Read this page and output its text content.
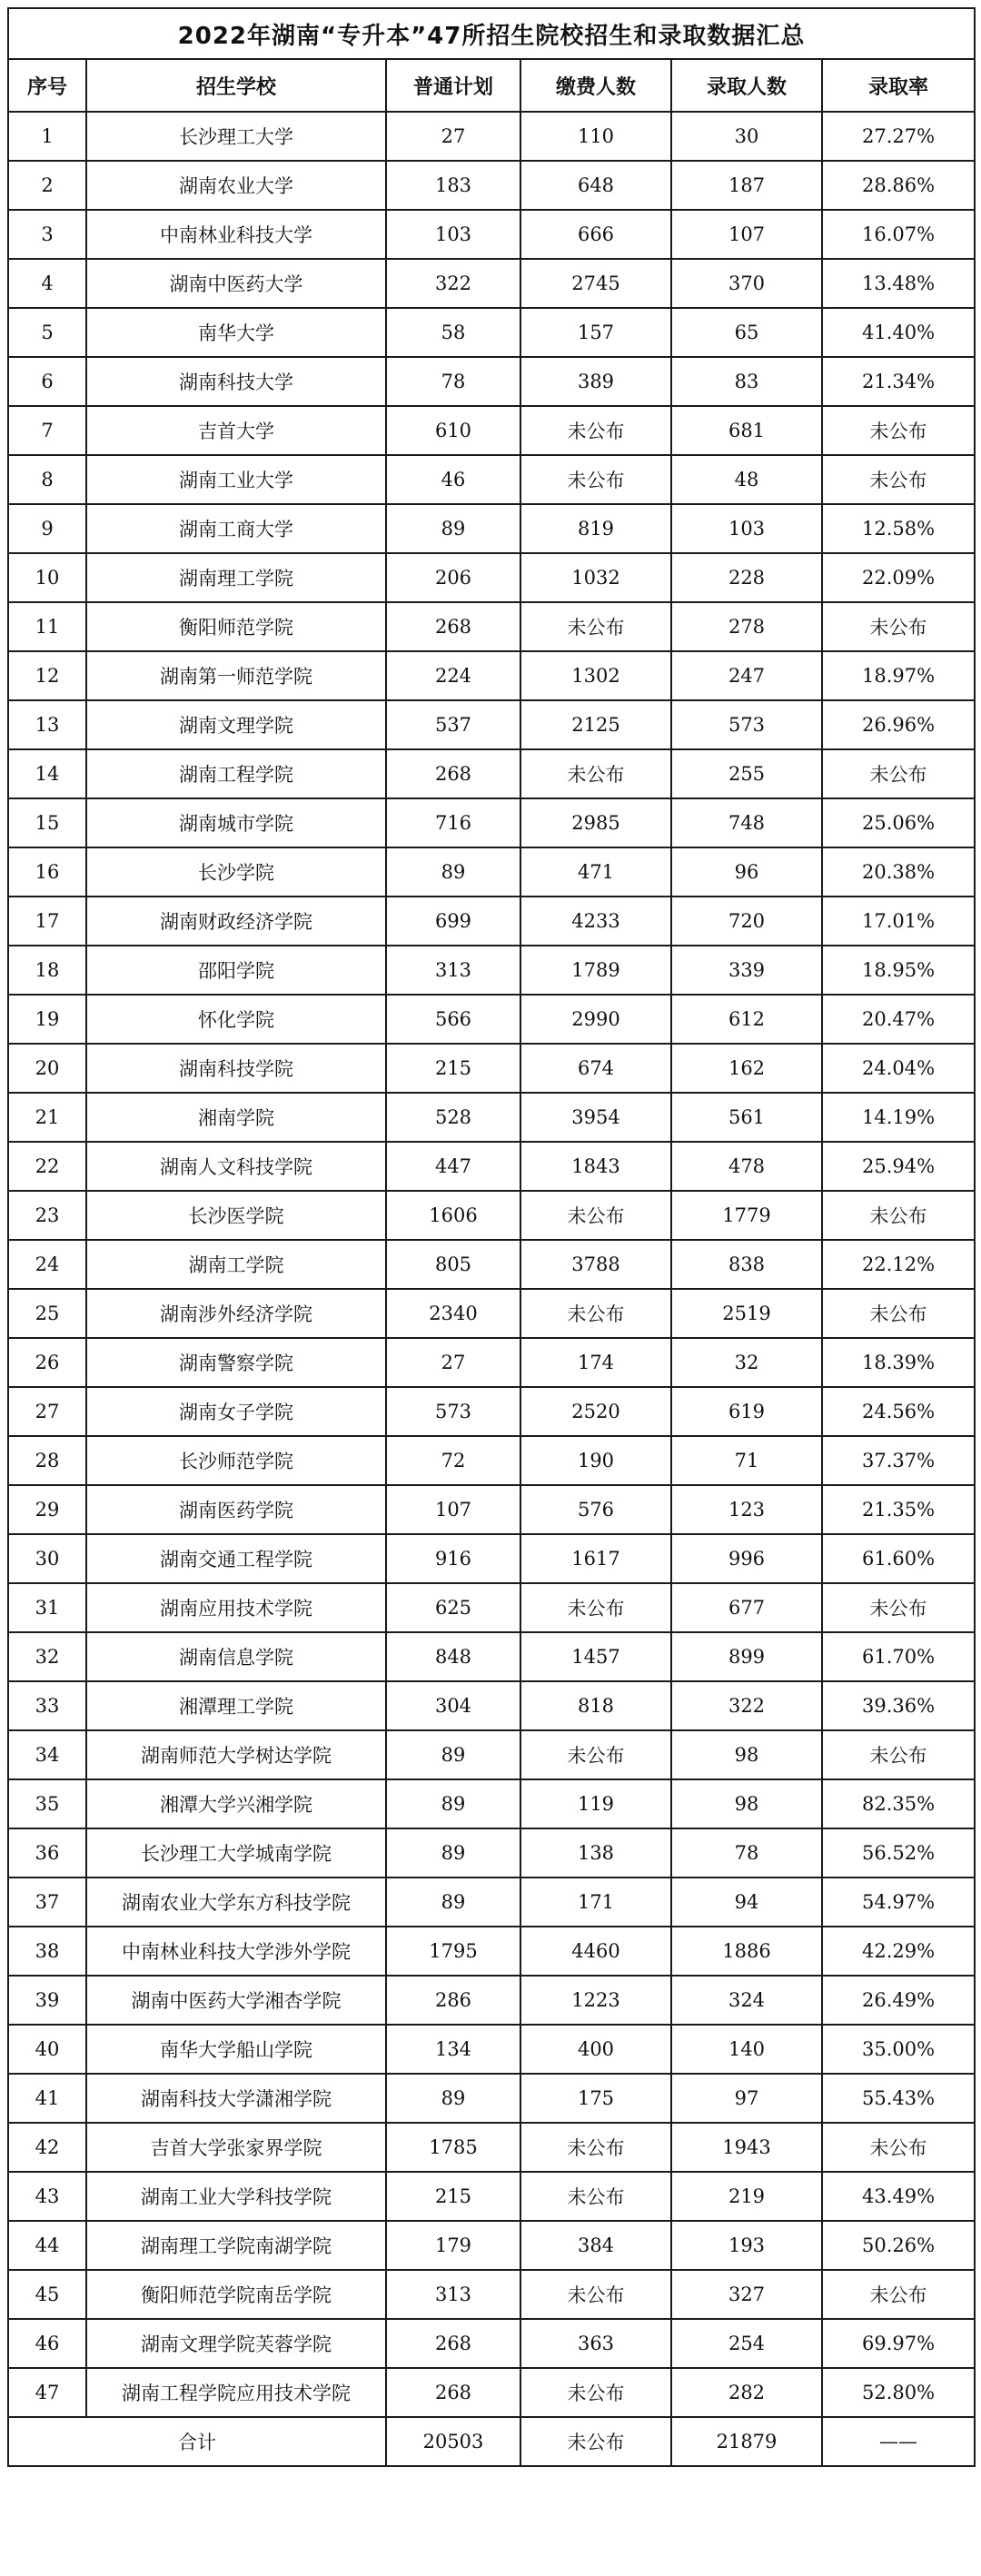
2022年湖南“专升本”47所招生院校招生和录取数据汇总					
序号	招生学校	普通计划	缴费人数	录取人数	录取率
1	长沙理工大学	27	110	30	27.27%
2	湖南农业大学	183	648	187	28.86%
3	中南林业科技大学	103	666	107	16.07%
4	湖南中医药大学	322	2745	370	13.48%
5	南华大学	58	157	65	41.40%
6	湖南科技大学	78	389	83	21.34%
7	吉首大学	610	未公布	681	未公布
8	湖南工业大学	46	未公布	48	未公布
9	湖南工商大学	89	819	103	12.58%
10	湖南理工学院	206	1032	228	22.09%
11	衡阳师范学院	268	未公布	278	未公布
12	湖南第一师范学院	224	1302	247	18.97%
13	湖南文理学院	537	2125	573	26.96%
14	湖南工程学院	268	未公布	255	未公布
15	湖南城市学院	716	2985	748	25.06%
16	长沙学院	89	471	96	20.38%
17	湖南财政经济学院	699	4233	720	17.01%
18	邵阳学院	313	1789	339	18.95%
19	怀化学院	566	2990	612	20.47%
20	湖南科技学院	215	674	162	24.04%
21	湘南学院	528	3954	561	14.19%
22	湖南人文科技学院	447	1843	478	25.94%
23	长沙医学院	1606	未公布	1779	未公布
24	湖南工学院	805	3788	838	22.12%
25	湖南涉外经济学院	2340	未公布	2519	未公布
26	湖南警察学院	27	174	32	18.39%
27	湖南女子学院	573	2520	619	24.56%
28	长沙师范学院	72	190	71	37.37%
29	湖南医药学院	107	576	123	21.35%
30	湖南交通工程学院	916	1617	996	61.60%
31	湖南应用技术学院	625	未公布	677	未公布
32	湖南信息学院	848	1457	899	61.70%
33	湘潭理工学院	304	818	322	39.36%
34	湖南师范大学树达学院	89	未公布	98	未公布
35	湘潭大学兴湘学院	89	119	98	82.35%
36	长沙理工大学城南学院	89	138	78	56.52%
37	湖南农业大学东方科技学院	89	171	94	54.97%
38	中南林业科技大学涉外学院	1795	4460	1886	42.29%
39	湖南中医药大学湘杏学院	286	1223	324	26.49%
40	南华大学船山学院	134	400	140	35.00%
41	湖南科技大学潇湘学院	89	175	97	55.43%
42	吉首大学张家界学院	1785	未公布	1943	未公布
43	湖南工业大学科技学院	215	未公布	219	43.49%
44	湖南理工学院南湖学院	179	384	193	50.26%
45	衡阳师范学院南岳学院	313	未公布	327	未公布
46	湖南文理学院芙蓉学院	268	363	254	69.97%
47	湖南工程学院应用技术学院	268	未公布	282	52.80%
合计		20503	未公布	21879	——
